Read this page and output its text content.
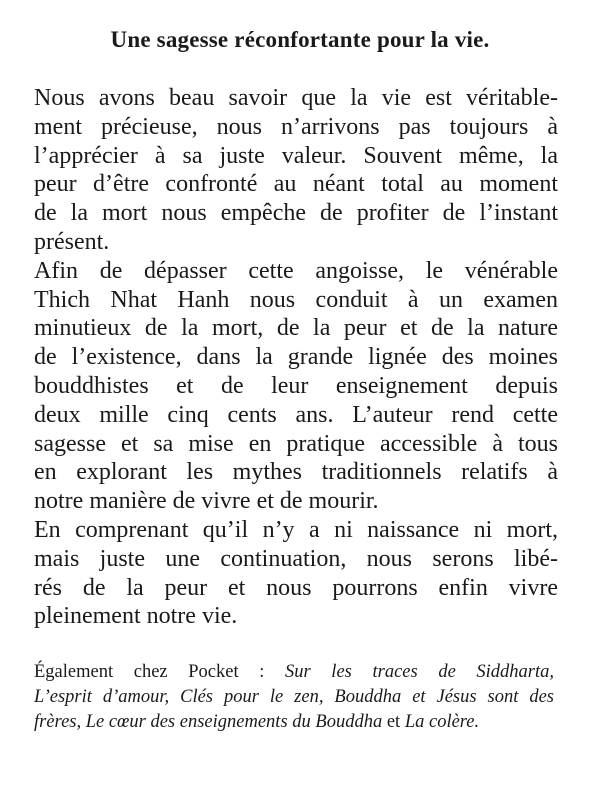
Une sagesse réconfortante pour la vie.
Nous avons beau savoir que la vie est véritable-
ment précieuse, nous n’arrivons pas toujours à
l’apprécier à sa juste valeur. Souvent même, la
peur d’être confronté au néant total au moment
de la mort nous empêche de profiter de l’instant
présent.
Afin de dépasser cette angoisse, le vénérable
Thich Nhat Hanh nous conduit à un examen
minutieux de la mort, de la peur et de la nature
de l’existence, dans la grande lignée des moines
bouddhistes et de leur enseignement depuis
deux mille cinq cents ans. L’auteur rend cette
sagesse et sa mise en pratique accessible à tous
en explorant les mythes traditionnels relatifs à
notre manière de vivre et de mourir.
En comprenant qu’il n’y a ni naissance ni mort,
mais juste une continuation, nous serons libé-
rés de la peur et nous pourrons enfin vivre
pleinement notre vie.
Également chez Pocket : Sur les traces de Siddharta,
L’esprit d’amour, Clés pour le zen, Bouddha et Jésus sont des
frères, Le cœur des enseignements du Bouddha et La colère.
